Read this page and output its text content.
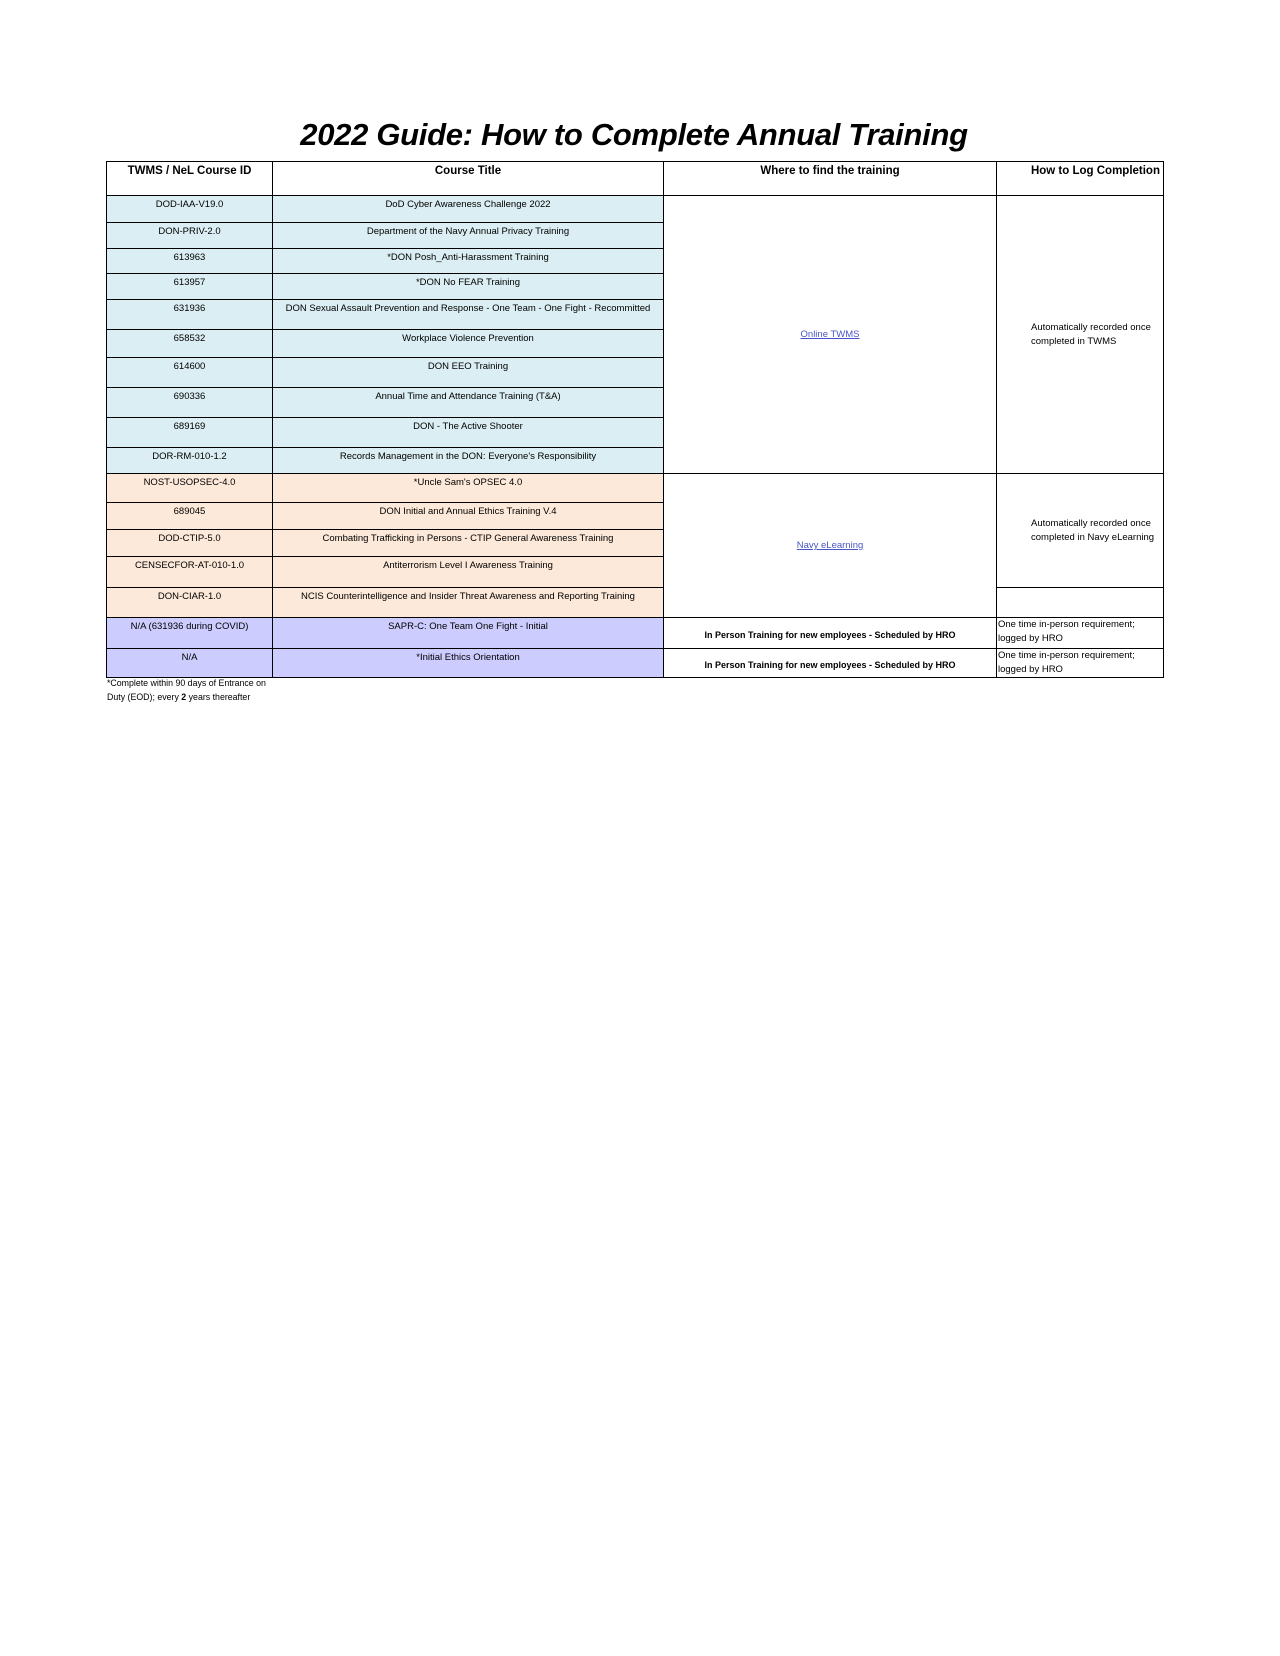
2022 Guide: How to Complete Annual Training
TWMS / NeL Course ID	Course Title	Where to find the training	How to Log Completion
DOD-IAA-V19.0	DoD Cyber Awareness Challenge 2022	Online TWMS	Automatically recorded once completed in TWMS
DON-PRIV-2.0	Department of the Navy Annual Privacy Training		
613963	*DON Posh_Anti-Harassment Training		
613957	*DON No FEAR Training		
631936	DON Sexual Assault Prevention and Response - One Team - One Fight - Recommitted		
658532	Workplace Violence Prevention		
614600	DON EEO Training		
690336	Annual Time and Attendance Training (T&A)		
689169	DON - The Active Shooter		
DOR-RM-010-1.2	Records Management in the DON: Everyone's Responsibility		
NOST-USOPSEC-4.0	*Uncle Sam's OPSEC 4.0	Navy eLearning	Automatically recorded once completed in Navy eLearning
689045	DON Initial and Annual Ethics Training V.4		
DOD-CTIP-5.0	Combating Trafficking in Persons - CTIP General Awareness Training		
CENSECFOR-AT-010-1.0	Antiterrorism Level I Awareness Training		
DON-CIAR-1.0	NCIS Counterintelligence and Insider Threat Awareness and Reporting Training		
N/A (631936 during COVID)	SAPR-C: One Team One Fight - Initial	In Person Training for new employees - Scheduled by HRO	One time in-person requirement; logged by HRO
N/A	*Initial Ethics Orientation	In Person Training for new employees - Scheduled by HRO	One time in-person requirement; logged by HRO
*Complete within 90 days of Entrance on Duty (EOD); every 2 years thereafter
